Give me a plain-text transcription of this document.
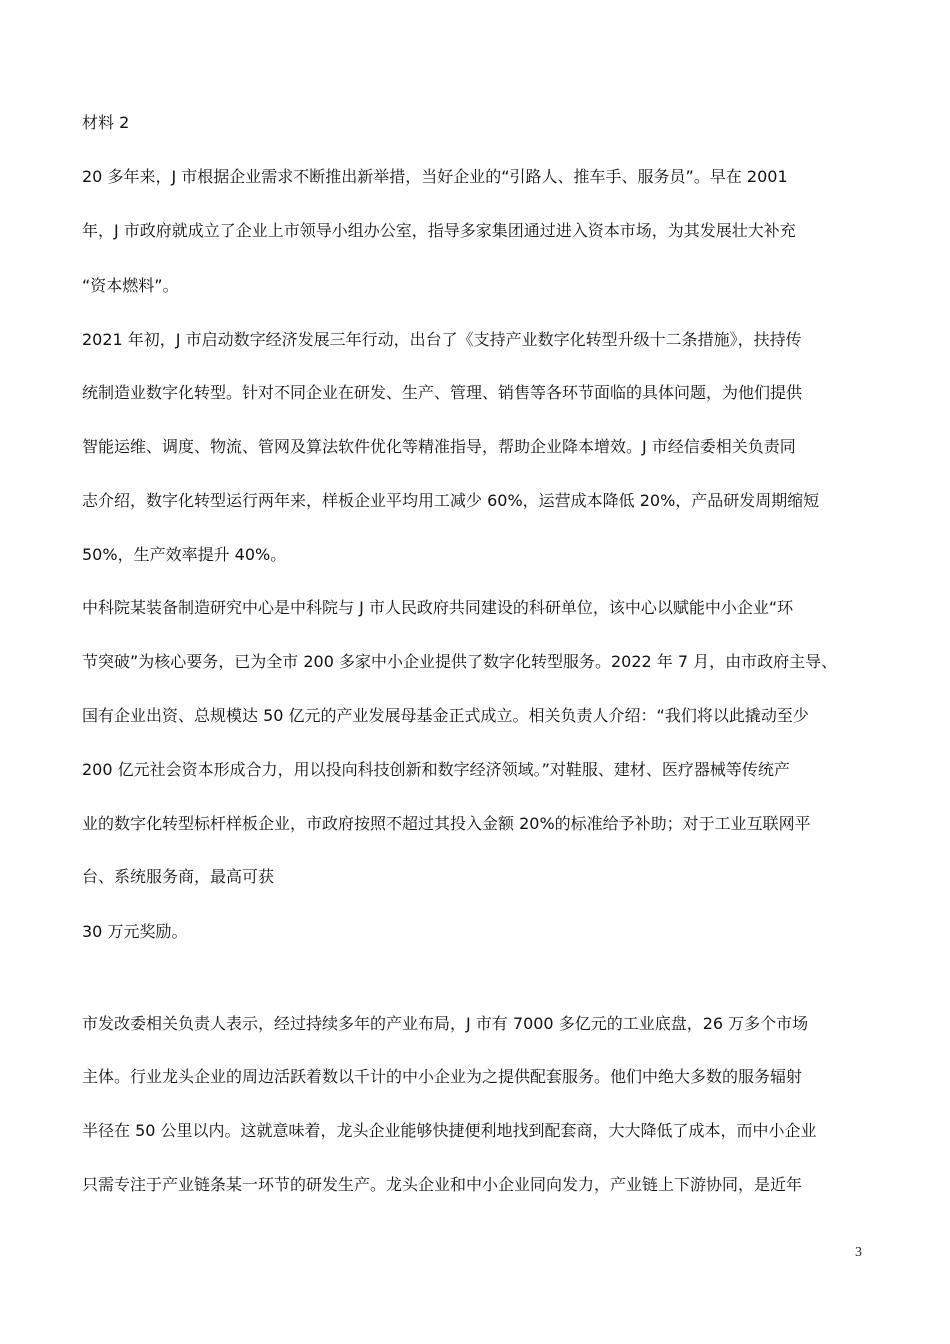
材料 2
20 多年来，J 市根据企业需求不断推出新举措，当好企业的“引路人、推车手、服务员”。早在 2001
年，J 市政府就成立了企业上市领导小组办公室，指导多家集团通过进入资本市场，为其发展壮大补充
“资本燃料”。
2021 年初，J 市启动数字经济发展三年行动，出台了《支持产业数字化转型升级十二条措施》，扶持传
统制造业数字化转型。针对不同企业在研发、生产、管理、销售等各环节面临的具体问题，为他们提供
智能运维、调度、物流、管网及算法软件优化等精准指导，帮助企业降本增效。J 市经信委相关负责同
志介绍，数字化转型运行两年来，样板企业平均用工减少 60%，运营成本降低 20%，产品研发周期缩短
50%，生产效率提升 40%。
中科院某装备制造研究中心是中科院与 J 市人民政府共同建设的科研单位，该中心以赋能中小企业“环
节突破”为核心要务，已为全市 200 多家中小企业提供了数字化转型服务。2022 年 7 月，由市政府主导、
国有企业出资、总规模达 50 亿元的产业发展母基金正式成立。相关负责人介绍：“我们将以此撬动至少
200 亿元社会资本形成合力，用以投向科技创新和数字经济领域。”对鞋服、建材、医疗器械等传统产
业的数字化转型标杆样板企业，市政府按照不超过其投入金额 20%的标准给予补助；对于工业互联网平
台、系统服务商，最高可获
30 万元奖励。
市发改委相关负责人表示，经过持续多年的产业布局，J 市有 7000 多亿元的工业底盘，26 万多个市场
主体。行业龙头企业的周边活跃着数以千计的中小企业为之提供配套服务。他们中绝大多数的服务辐射
半径在 50 公里以内。这就意味着，龙头企业能够快捷便利地找到配套商，大大降低了成本，而中小企业
只需专注于产业链条某一环节的研发生产。龙头企业和中小企业同向发力，产业链上下游协同，是近年
3
